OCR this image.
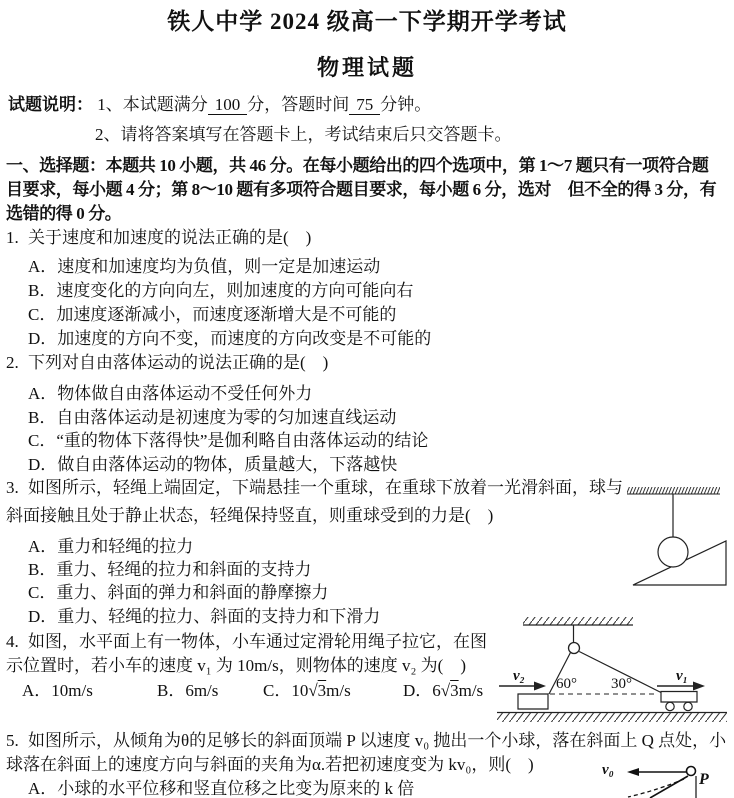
铁人中学 2024 级高一下学期开学考试
物理试题
试题说明： 1、本试题满分 100 分，答题时间 75 分钟。
2、请将答案填写在答题卡上，考试结束后只交答题卡。
一、选择题：本题共 10 小题，共 46 分。在每小题给出的四个选项中，第 1～7 题只有一项符合题
目要求，每小题 4 分；第 8～10 题有多项符合题目要求，每小题 6 分，选对　但不全的得 3 分，有
选错的得 0 分。
1. 关于速度和加速度的说法正确的是(　)
A．速度和加速度均为负值，则一定是加速运动
B．速度变化的方向向左，则加速度的方向可能向右
C．加速度逐渐减小，而速度逐渐增大是不可能的
D．加速度的方向不变，而速度的方向改变是不可能的
2. 下列对自由落体运动的说法正确的是(　)
A．物体做自由落体运动不受任何外力
B．自由落体运动是初速度为零的匀加速直线运动
C．“重的物体下落得快”是伽利略自由落体运动的结论
D．做自由落体运动的物体，质量越大，下落越快
3. 如图所示，轻绳上端固定，下端悬挂一个重球，在重球下放着一光滑斜面，球与
斜面接触且处于静止状态，轻绳保持竖直，则重球受到的力是(　)
A．重力和轻绳的拉力
B．重力、轻绳的拉力和斜面的支持力
C．重力、斜面的弹力和斜面的静摩擦力
D．重力、轻绳的拉力、斜面的支持力和下滑力
4. 如图，水平面上有一物体，小车通过定滑轮用绳子拉它，在图
示位置时，若小车的速度 v₁ 为 10m/s，则物体的速度 v₂ 为(　)
A．10m/s	B．6m/s	C．10√3m/s	D．6√3m/s
v₂	v₁
60° 30°
5. 如图所示，从倾角为θ的足够长的斜面顶端 P 以速度 v₀ 抛出一个小球，落在斜面上 Q 点处，小
球落在斜面上的速度方向与斜面的夹角为α.若把初速度变为 kv₀，则(　)
A．小球的水平位移和竖直位移之比变为原来的 k 倍
v₀
P
